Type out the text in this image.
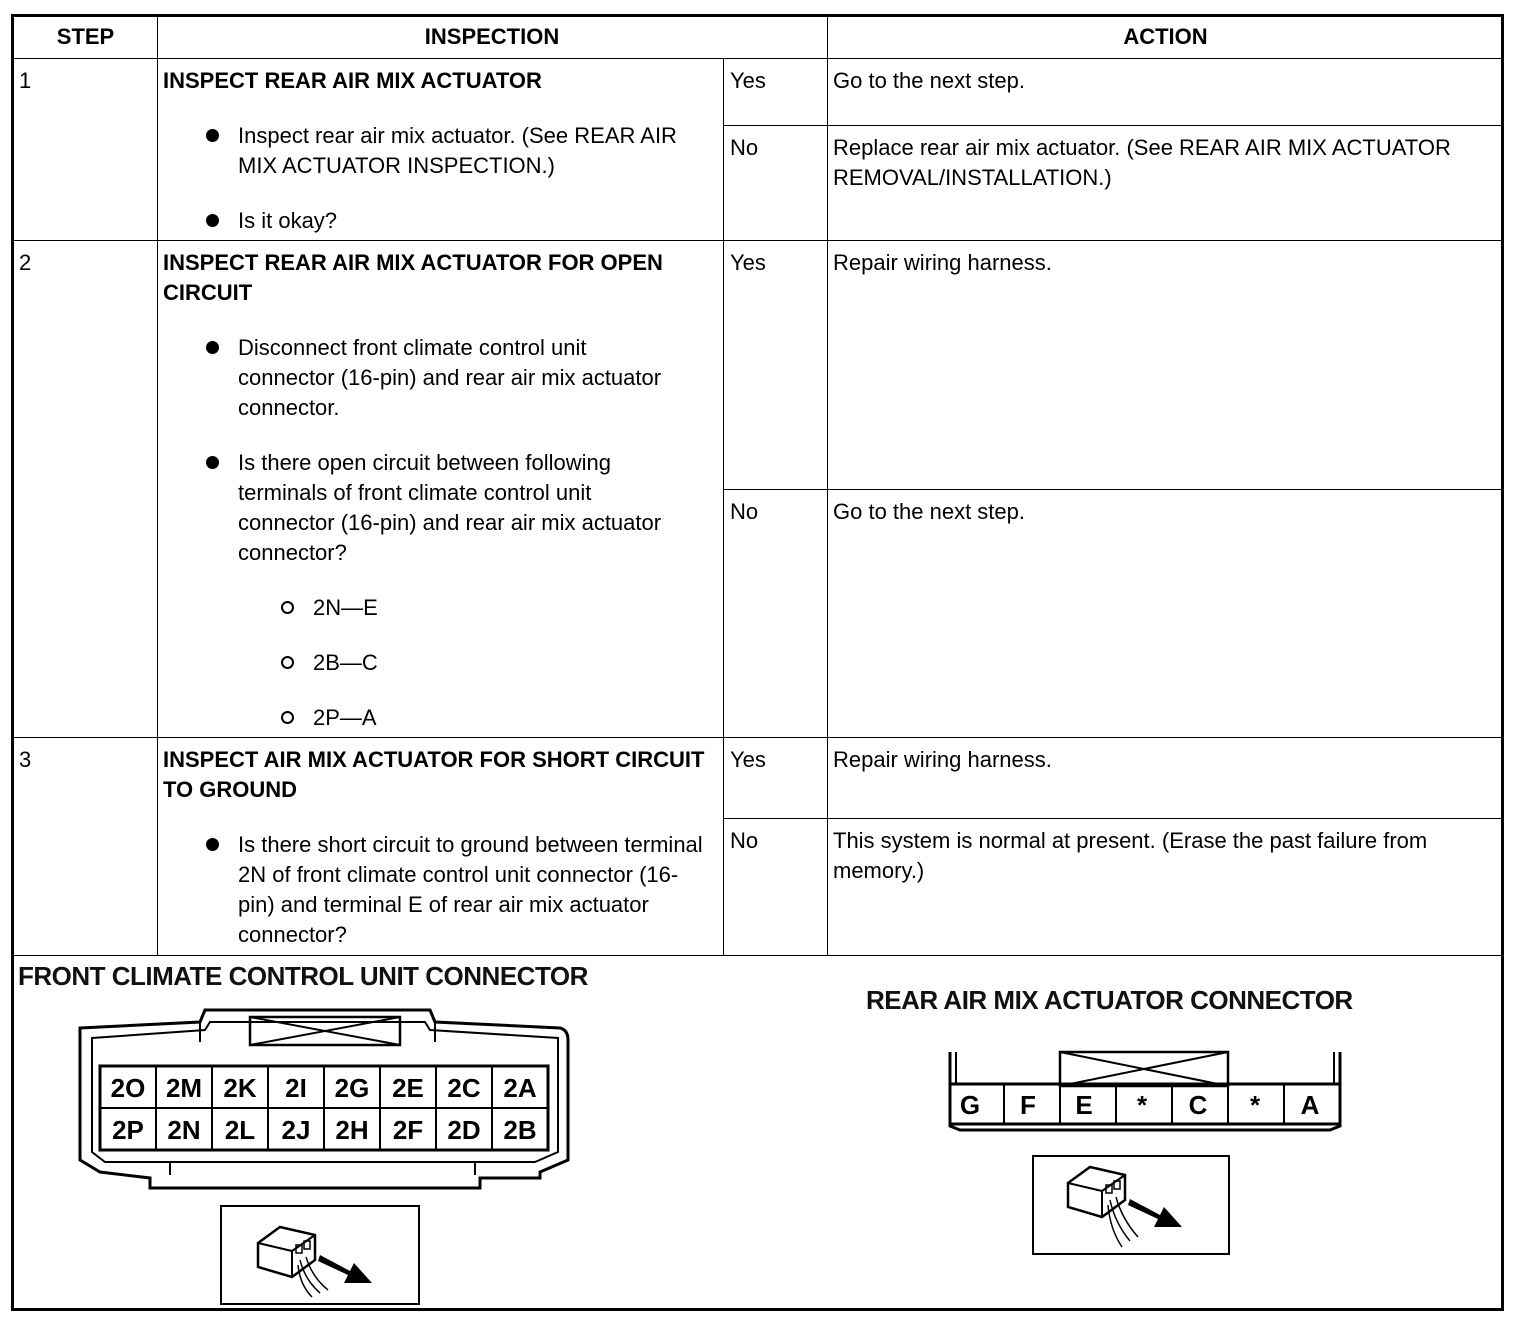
STEP	INSPECTION	ACTION
1	INSPECT REAR AIR MIX ACTUATOR
Inspect rear air mix actuator. (See REAR AIR MIX ACTUATOR INSPECTION.)
Is it okay?
Yes	Go to the next step.
No	Replace rear air mix actuator. (See REAR AIR MIX ACTUATOR REMOVAL/INSTALLATION.)
2	INSPECT REAR AIR MIX ACTUATOR FOR OPEN CIRCUIT
Disconnect front climate control unit connector (16-pin) and rear air mix actuator connector.
Is there open circuit between following terminals of front climate control unit connector (16-pin) and rear air mix actuator connector?
2N—E
2B—C
2P—A
Yes	Repair wiring harness.
No	Go to the next step.
3	INSPECT AIR MIX ACTUATOR FOR SHORT CIRCUIT TO GROUND
Is there short circuit to ground between terminal 2N of front climate control unit connector (16-pin) and terminal E of rear air mix actuator connector?
Yes	Repair wiring harness.
No	This system is normal at present. (Erase the past failure from memory.)
FRONT CLIMATE CONTROL UNIT CONNECTOR
2O 2M 2K	2I	2G 2E 2C 2A
2P 2N 2L	2J 2H 2F 2D 2B
REAR AIR MIX ACTUATOR CONNECTOR
G	F	E	*	C	*	A
